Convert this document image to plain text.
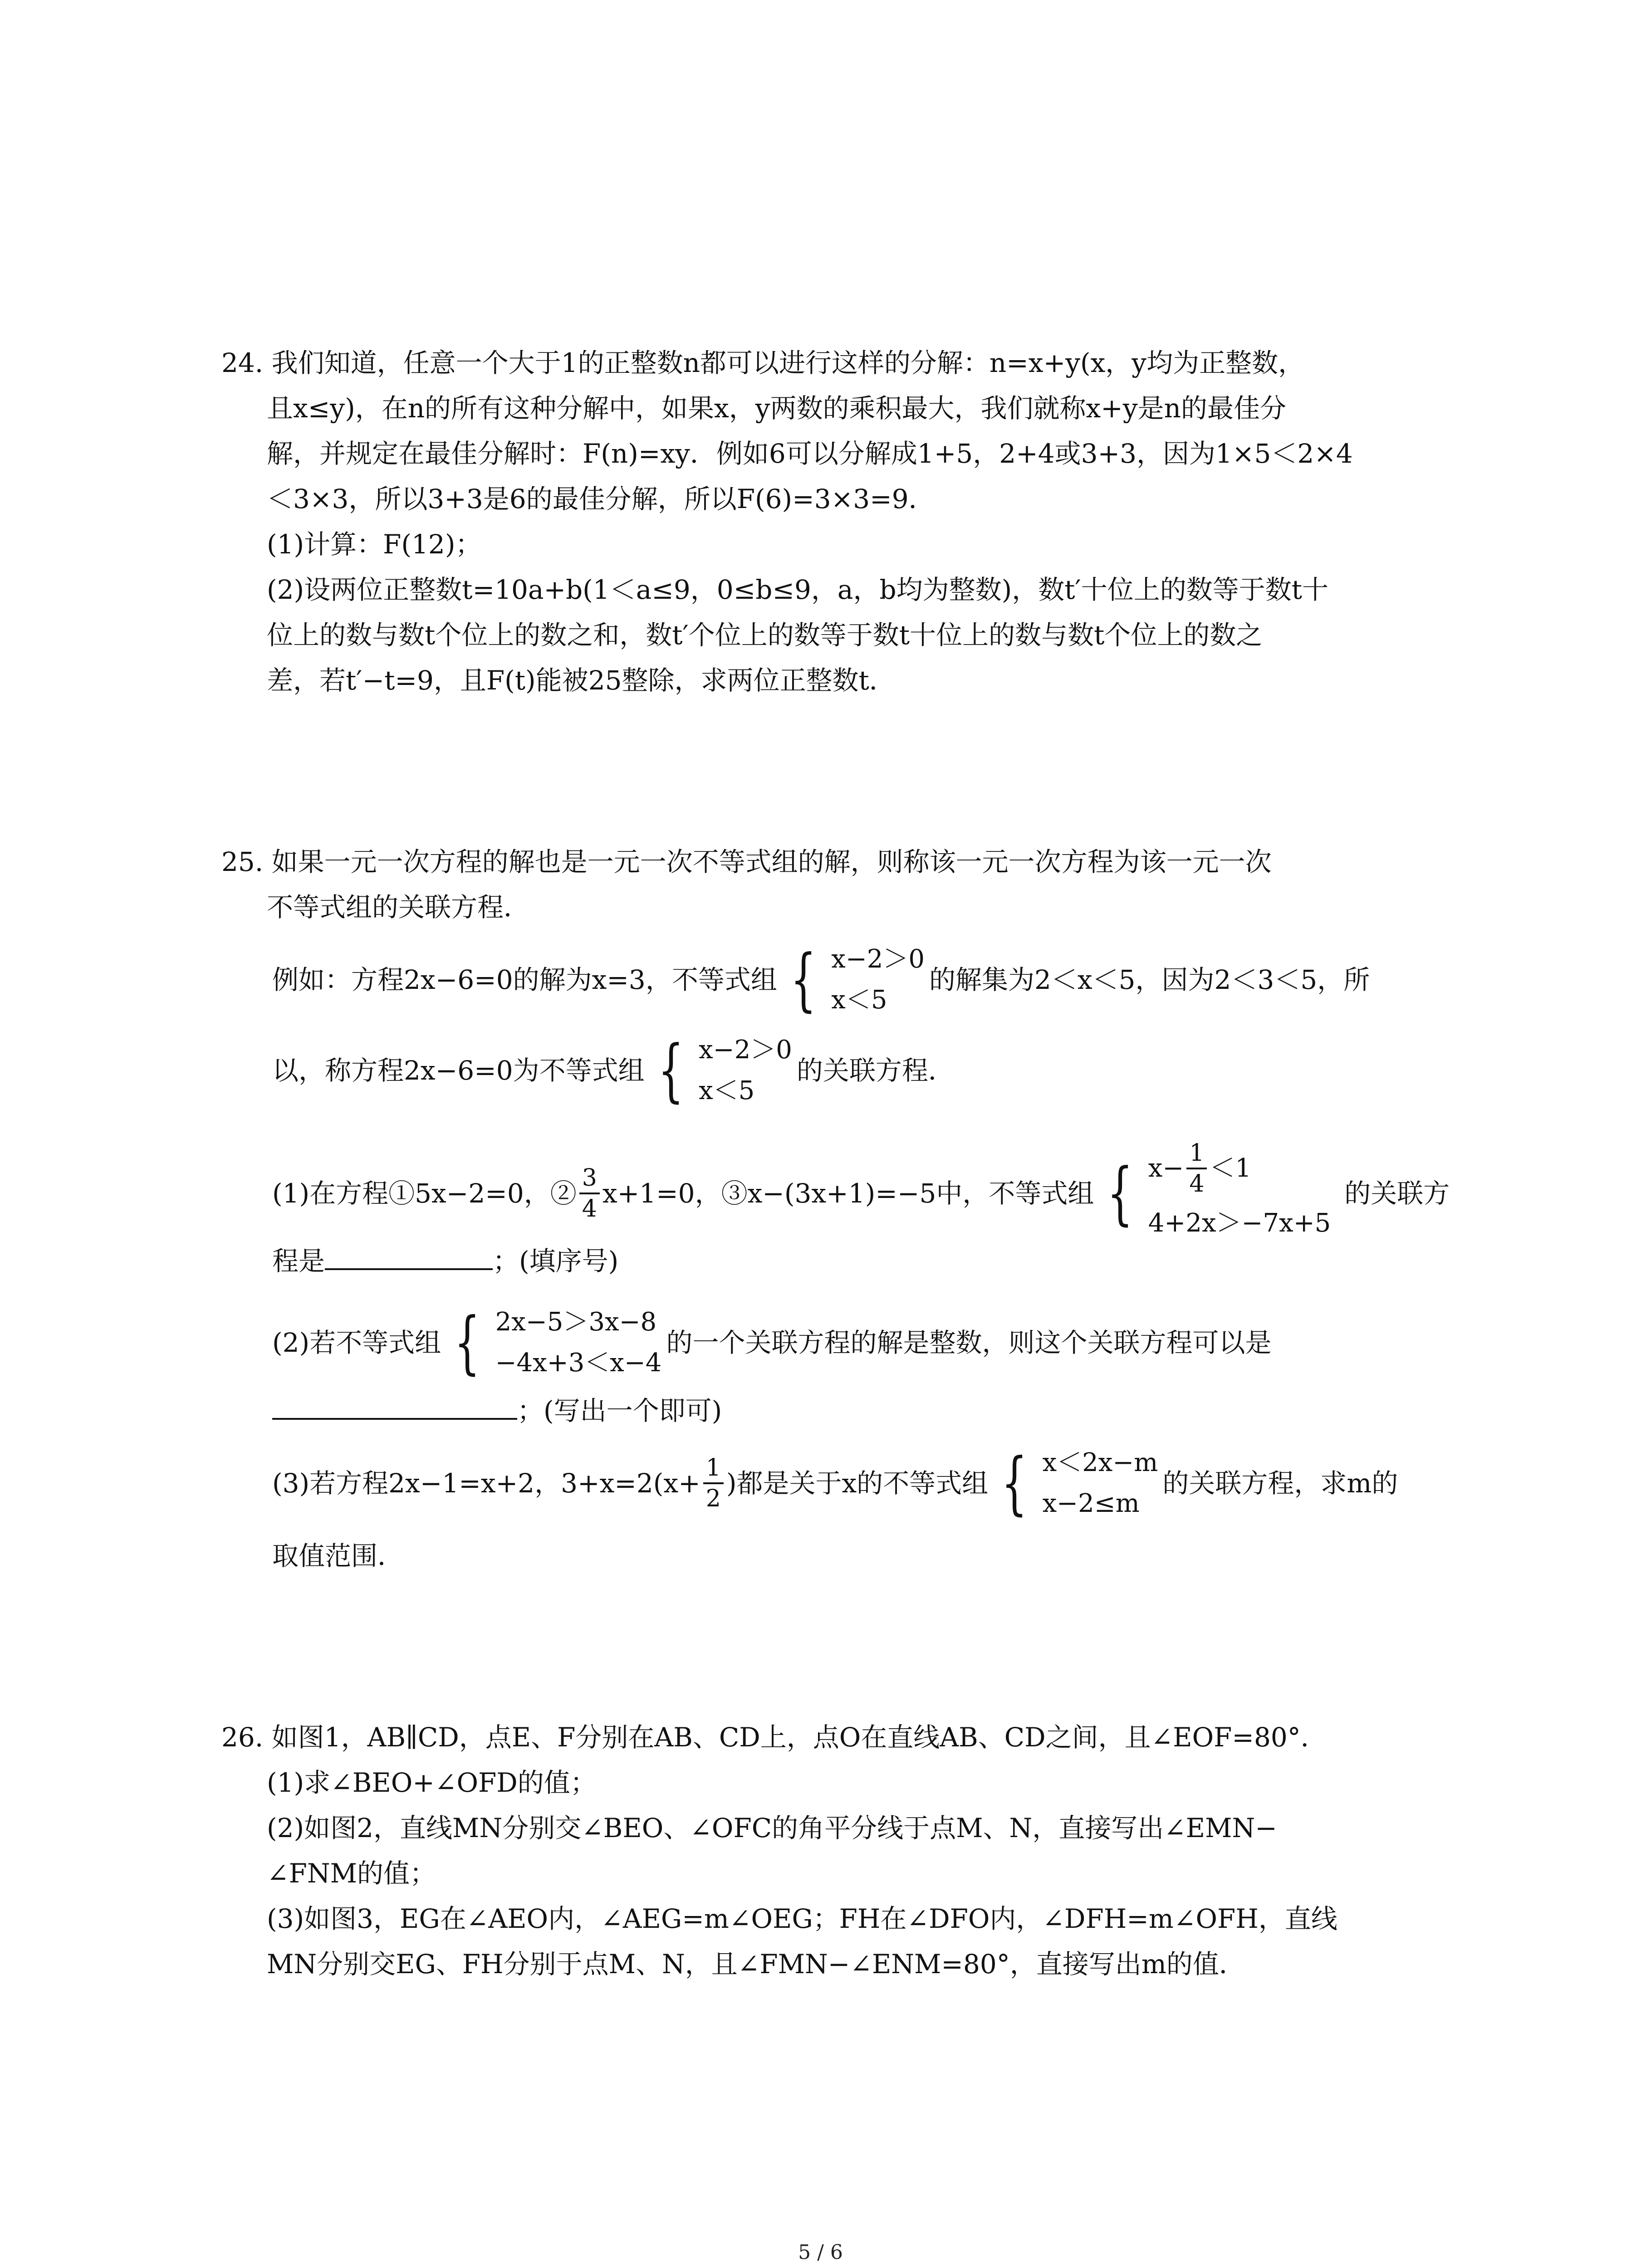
24. 我们知道，任意一个大于1的正整数n都可以进行这样的分解：n=x+y(x，y均为正整数，
且x≤y)，在n的所有这种分解中，如果x，y两数的乘积最大，我们就称x+y是n的最佳分
解，并规定在最佳分解时：F(n)=xy．例如6可以分解成1+5，2+4或3+3，因为1×5＜2×4
＜3×3，所以3+3是6的最佳分解，所以F(6)=3×3=9．
(1)计算：F(12)；
(2)设两位正整数t=10a+b(1＜a≤9，0≤b≤9，a，b均为整数)，数t′十位上的数等于数t十
位上的数与数t个位上的数之和，数t′个位上的数等于数t十位上的数与数t个位上的数之
差，若t′−t=9，且F(t)能被25整除，求两位正整数t．
25. 如果一元一次方程的解也是一元一次不等式组的解，则称该一元一次方程为该一元一次
不等式组的关联方程．
例如：方程2x−6=0的解为x=3，不等式组 { x−2＞0
x＜5
的解集为2＜x＜5，因为2＜3＜5，所
以，称方程2x−6=0为不等式组 { x−2＞0
x＜5
的关联方程．
(1)在方程①5x−2=0，② $\frac{3}{4} x+1=0$，③x−(3x+1)=−5中，不等式组 { $x- \frac{1}{4} <1$
4+2x＞−7x+5
的关联方
程是	；(填序号)
(2)若不等式组 { 2x−5＞3x−8
−4x+3＜x−4
的一个关联方程的解是整数，则这个关联方程可以是
；(写出一个即可)
(3)若方程2x−1=x+2，$3+x=2(x+ \frac{1}{2}$ )都是关于x的不等式组 { x＜2x−m
x−2≤m
的关联方程，求m的
取值范围．
26. 如图1，AB∥CD，点E、F分别在AB、CD上，点O在直线AB、CD之间，且∠EOF=80°．
(1)求∠BEO+∠OFD的值；
(2)如图2，直线MN分别交∠BEO、∠OFC的角平分线于点M、N，直接写出∠EMN−
∠FNM的值；
(3)如图3，EG在∠AEO内，∠AEG=m∠OEG；FH在∠DFO内，∠DFH=m∠OFH，直线
MN分别交EG、FH分别于点M、N，且∠FMN−∠ENM=80°，直接写出m的值．
5 / 6
